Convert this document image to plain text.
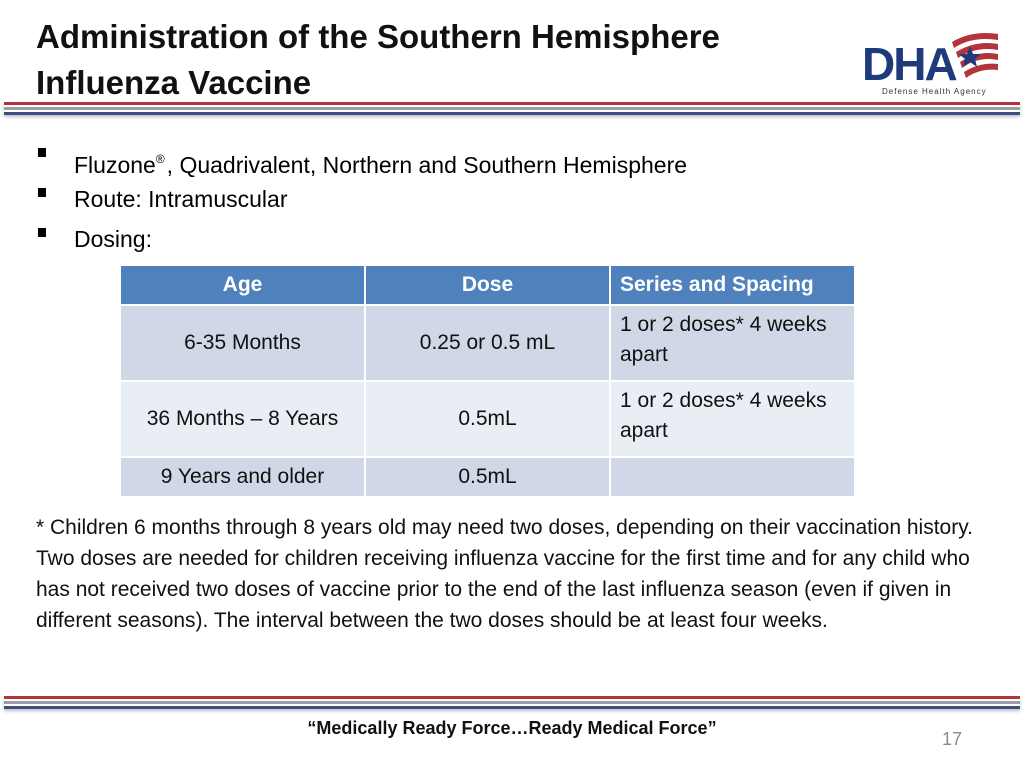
Administration of the Southern Hemisphere
Influenza Vaccine	DHA
Defense Health Agency
Fluzone®, Quadrivalent, Northern and Southern Hemisphere
Route: Intramuscular
Dosing:
Age	Dose	Series and Spacing
6-35 Months	0.25 or 0.5 mL	1 or 2 doses* 4 weeks apart
36 Months – 8 Years	0.5mL	1 or 2 doses* 4 weeks apart
9 Years and older	0.5mL	
* Children 6 months through 8 years old may need two doses, depending on their vaccination history. Two doses are needed for children receiving influenza vaccine for the first time and for any child who has not received two doses of vaccine prior to the end of the last influenza season (even if given in different seasons). The interval between the two doses should be at least four weeks.
“Medically Ready Force…Ready Medical Force”
17
